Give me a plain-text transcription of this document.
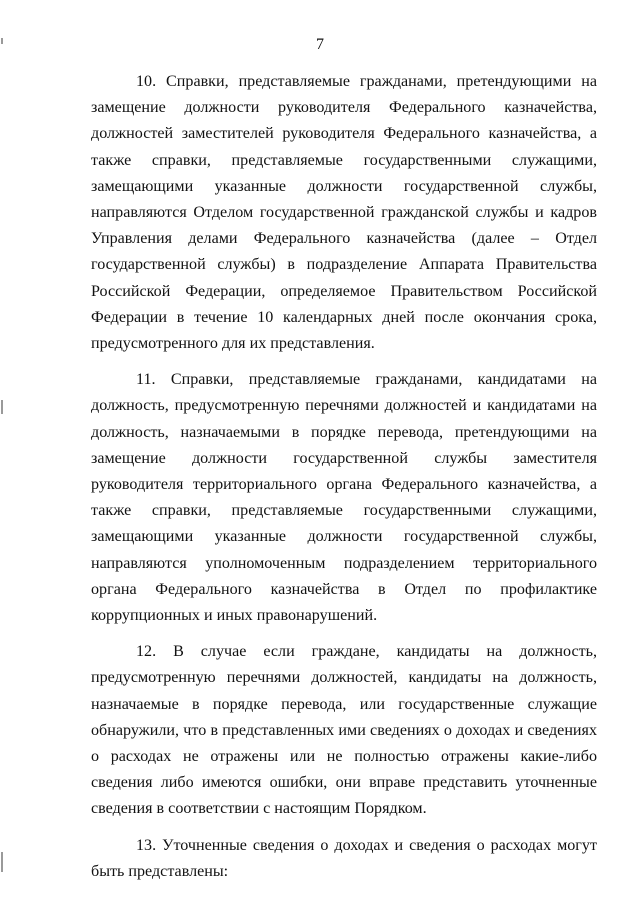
7

10. Справки, представляемые гражданами, претендующими на замещение должности руководителя Федерального казначейства, должностей заместителей руководителя Федерального казначейства, а также справки, представляемые государственными служащими, замещающими указанные должности государственной службы, направляются Отделом государственной гражданской службы и кадров Управления делами Федерального казначейства (далее – Отдел государственной службы) в подразделение Аппарата Правительства Российской Федерации, определяемое Правительством Российской Федерации в течение 10 календарных дней после окончания срока, предусмотренного для их представления.

11. Справки, представляемые гражданами, кандидатами на должность, предусмотренную перечнями должностей и кандидатами на должность, назначаемыми в порядке перевода, претендующими на замещение должности государственной службы заместителя руководителя территориального органа Федерального казначейства, а также справки, представляемые государственными служащими, замещающими указанные должности государственной службы, направляются уполномоченным подразделением территориального органа Федерального казначейства в Отдел по профилактике коррупционных и иных правонарушений.

12. В случае если граждане, кандидаты на должность, предусмотренную перечнями должностей, кандидаты на должность, назначаемые в порядке перевода, или государственные служащие обнаружили, что в представленных ими сведениях о доходах и сведениях о расходах не отражены или не полностью отражены какие-либо сведения либо имеются ошибки, они вправе представить уточненные сведения в соответствии с настоящим Порядком.

13. Уточненные сведения о доходах и сведения о расходах могут быть представлены:
